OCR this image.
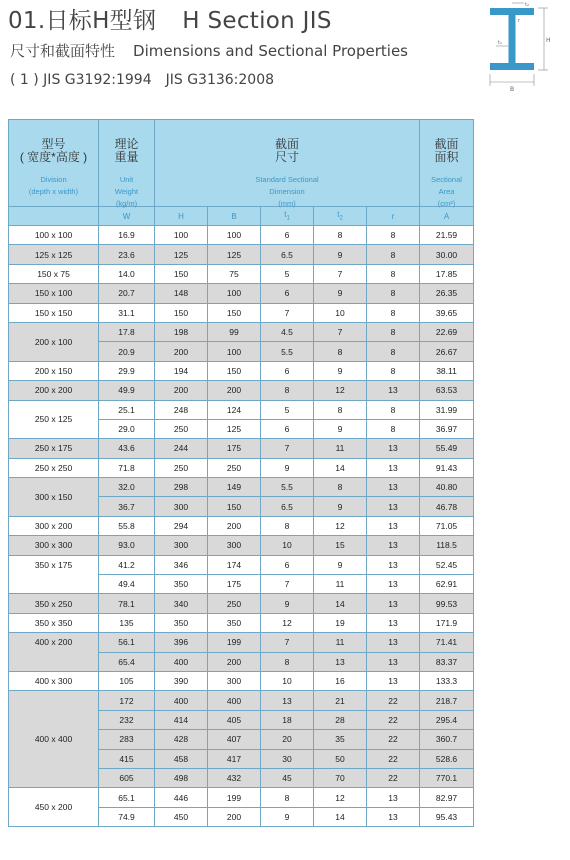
01.日标H型钢 H Section JIS
尺寸和截面特性 Dimensions and Sectional Properties
( 1 ) JIS G3192:1994 JIS G3136:2008
H
B
t₂
t₁
r
型号
( 宽度*高度 )
Division
(depth x width)	理论
重量
Unit
Weight
(kg/m)	截面
尺寸
Standard Sectional
Dimension
(mm)					截面
面积
Sectional
Area
(cm²)

	W	H	B	$t_1$	$t_2$	r	A
100 x 100	16.9	100	100	6	8	8	21.59
125 x 125	23.6	125	125	6.5	9	8	30.00
150 x 75	14.0	150	75	5	7	8	17.85
150 x 100	20.7	148	100	6	9	8	26.35
150 x 150	31.1	150	150	7	10	8	39.65
200 x 100	17.8	198	99	4.5	7	8	22.69
	20.9	200	100	5.5	8	8	26.67
200 x 150	29.9	194	150	6	9	8	38.11
200 x 200	49.9	200	200	8	12	13	63.53
250 x 125	25.1	248	124	5	8	8	31.99
	29.0	250	125	6	9	8	36.97
250 x 175	43.6	244	175	7	11	13	55.49
250 x 250	71.8	250	250	9	14	13	91.43
300 x 150	32.0	298	149	5.5	8	13	40.80
	36.7	300	150	6.5	9	13	46.78
300 x 200	55.8	294	200	8	12	13	71.05
300 x 300	93.0	300	300	10	15	13	118.5
350 x 175	41.2	346	174	6	9	13	52.45
	49.4	350	175	7	11	13	62.91
350 x 250	78.1	340	250	9	14	13	99.53
350 x 350	135	350	350	12	19	13	171.9
400 x 200	56.1	396	199	7	11	13	71.41
	65.4	400	200	8	13	13	83.37
400 x 300	105	390	300	10	16	13	133.3
400 x 400	172	400	400	13	21	22	218.7
	232	414	405	18	28	22	295.4
	283	428	407	20	35	22	360.7
	415	458	417	30	50	22	528.6
	605	498	432	45	70	22	770.1
450 x 200	65.1	446	199	8	12	13	82.97
	74.9	450	200	9	14	13	95.43
